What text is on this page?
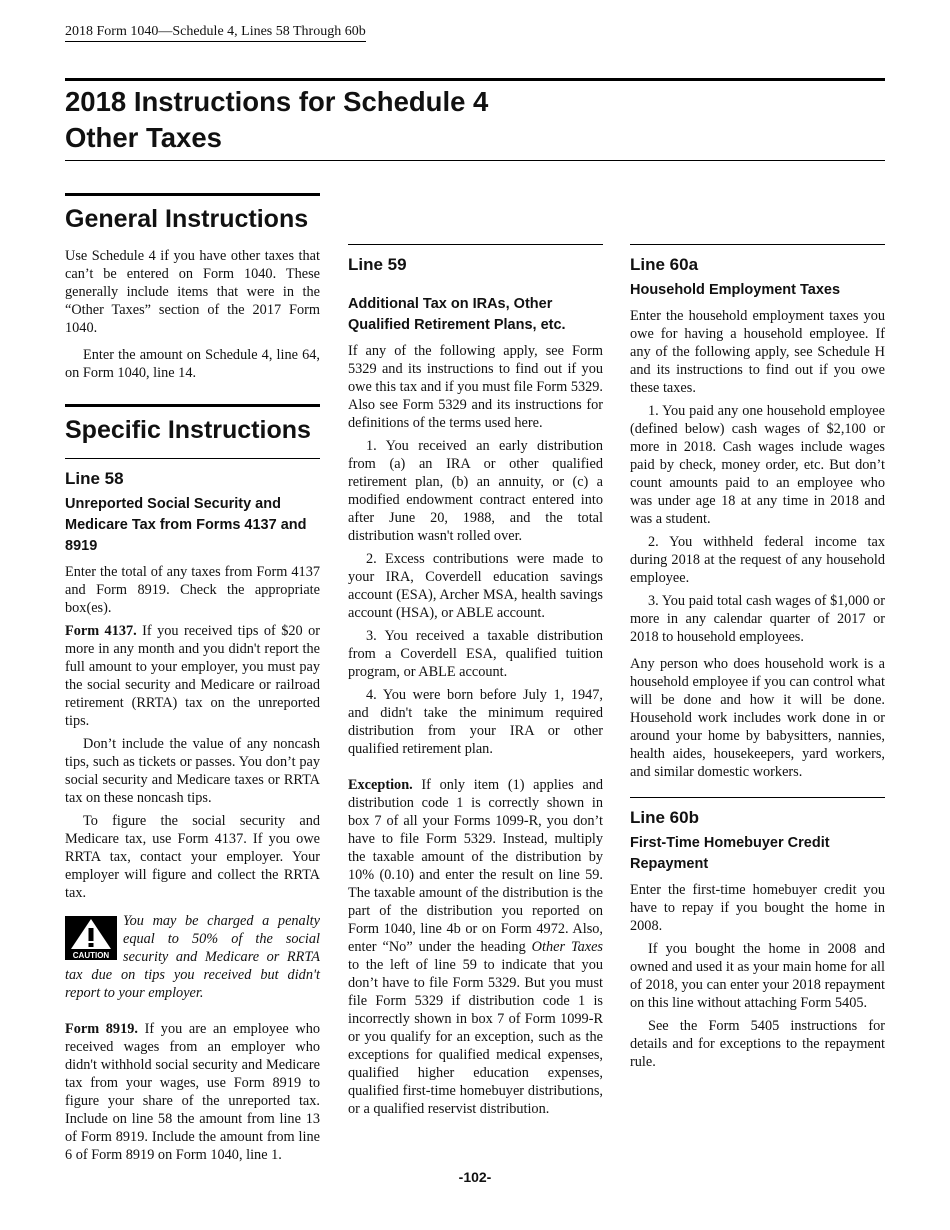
2018 Form 1040—Schedule 4, Lines 58 Through 60b
2018 Instructions for Schedule 4
Other Taxes
General Instructions

Use Schedule 4 if you have other taxes that can’t be entered on Form 1040. These generally include items that were in the “Other Taxes” section of the 2017 Form 1040.

Enter the amount on Schedule 4, line 64, on Form 1040, line 14.

Specific Instructions
Line 58
Unreported Social Security and Medicare Tax from Forms 4137 and 8919

Enter the total of any taxes from Form 4137 and Form 8919. Check the appropriate box(es).

Form 4137. If you received tips of $20 or more in any month and you didn't report the full amount to your employer, you must pay the social security and Medicare or railroad retirement (RRTA) tax on the unreported tips.

Don’t include the value of any noncash tips, such as tickets or passes. You don’t pay social security and Medicare taxes or RRTA tax on these noncash tips.

To figure the social security and Medicare tax, use Form 4137. If you owe RRTA tax, contact your employer. Your employer will figure and collect the RRTA tax.

CAUTION

You may be charged a penalty equal to 50% of the social security and Medicare or RRTA tax due on tips you received but didn't report to your employer.

Form 8919. If you are an employee who received wages from an employer who didn't withhold social security and Medicare tax from your wages, use Form 8919 to figure your share of the unreported tax. Include on line 58 the amount from line 13 of Form 8919. Include the amount from line 6 of Form 8919 on Form 1040, line 1.

Line 59
Additional Tax on IRAs, Other Qualified Retirement Plans, etc.

If any of the following apply, see Form 5329 and its instructions to find out if you owe this tax and if you must file Form 5329. Also see Form 5329 and its instructions for definitions of the terms used here.

1. You received an early distribution from (a) an IRA or other qualified retirement plan, (b) an annuity, or (c) a modified endowment contract entered into after June 20, 1988, and the total distribution wasn't rolled over.

2. Excess contributions were made to your IRA, Coverdell education savings account (ESA), Archer MSA, health savings account (HSA), or ABLE account.

3. You received a taxable distribution from a Coverdell ESA, qualified tuition program, or ABLE account.

4. You were born before July 1, 1947, and didn't take the minimum required distribution from your IRA or other qualified retirement plan.

Exception. If only item (1) applies and distribution code 1 is correctly shown in box 7 of all your Forms 1099-R, you don’t have to file Form 5329. Instead, multiply the taxable amount of the distribution by 10% (0.10) and enter the result on line 59. The taxable amount of the distribution is the part of the distribution you reported on Form 1040, line 4b or on Form 4972. Also, enter “No” under the heading Other Taxes to the left of line 59 to indicate that you don’t have to file Form 5329. But you must file Form 5329 if distribution code 1 is incorrectly shown in box 7 of Form 1099-R or you qualify for an exception, such as the exceptions for qualified medical expenses, qualified higher education expenses, qualified first-time homebuyer distributions, or a qualified reservist distribution.

Line 60a
Household Employment Taxes

Enter the household employment taxes you owe for having a household employee. If any of the following apply, see Schedule H and its instructions to find out if you owe these taxes.

1. You paid any one household employee (defined below) cash wages of $2,100 or more in 2018. Cash wages include wages paid by check, money order, etc. But don’t count amounts paid to an employee who was under age 18 at any time in 2018 and was a student.

2. You withheld federal income tax during 2018 at the request of any household employee.

3. You paid total cash wages of $1,000 or more in any calendar quarter of 2017 or 2018 to household employees.

Any person who does household work is a household employee if you can control what will be done and how it will be done. Household work includes work done in or around your home by babysitters, nannies, health aides, housekeepers, yard workers, and similar domestic workers.

Line 60b
First-Time Homebuyer Credit Repayment

Enter the first-time homebuyer credit you have to repay if you bought the home in 2008.

If you bought the home in 2008 and owned and used it as your main home for all of 2018, you can enter your 2018 repayment on this line without attaching Form 5405.

See the Form 5405 instructions for details and for exceptions to the repayment rule.

-102-
